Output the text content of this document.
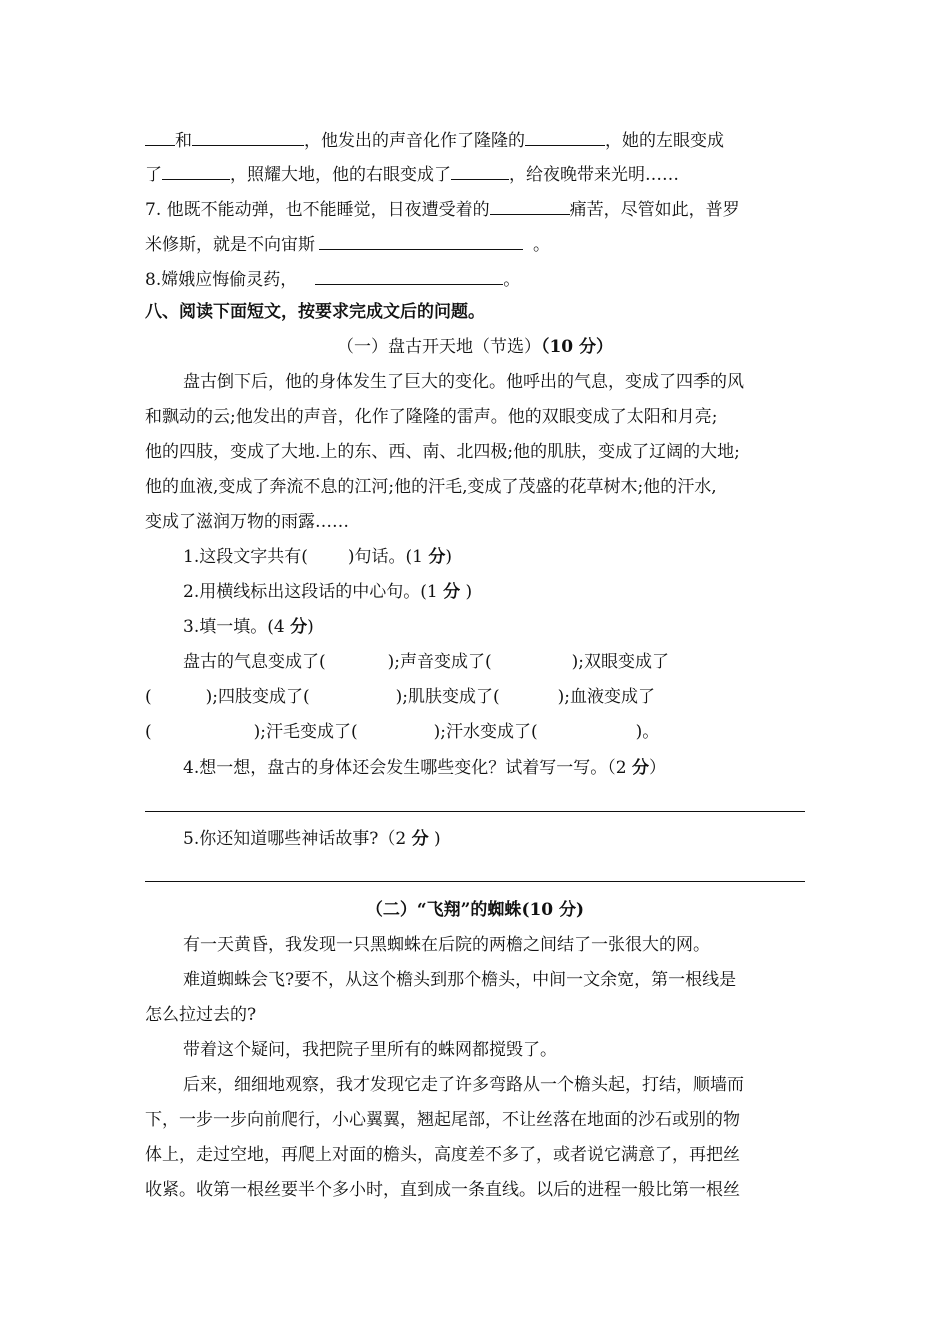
和	，他发出的声音化作了隆隆的	，她的左眼变成
了	，照耀大地，他的右眼变成了	，给夜晚带来光明……
7. 他既不能动弹，也不能睡觉，日夜遭受着的	痛苦，尽管如此，普罗
米修斯，就是不向宙斯	。
8.嫦娥应悔偷灵药，	。
八、阅读下面短文，按要求完成文后的问题。
（一）盘古开天地（节选）（10 分）
盘古倒下后，他的身体发生了巨大的变化。他呼出的气息，变成了四季的风
和飘动的云;他发出的声音，化作了隆隆的雷声。他的双眼变成了太阳和月亮;
他的四肢，变成了大地.上的东、西、南、北四极;他的肌肤，变成了辽阔的大地;
他的血液,变成了奔流不息的江河;他的汗毛,变成了茂盛的花草树木;他的汗水,
变成了滋润万物的雨露……
1.这段文字共有( )句话。(1 分)
2.用横线标出这段话的中心句。(1 分 )
3.填一填。(4 分)
盘古的气息变成了(	);声音变成了(	);双眼变成了
(	);四肢变成了(	);肌肤变成了(	);血液变成了
(	);汗毛变成了(	);汗水变成了(	)。
4.想一想，盘古的身体还会发生哪些变化？试着写一写。（2 分）
5.你还知道哪些神话故事?（2 分 )
（二）“飞翔”的蜘蛛(10 分)
有一天黄昏，我发现一只黑蜘蛛在后院的两檐之间结了一张很大的网。
难道蜘蛛会飞?要不，从这个檐头到那个檐头，中间一文余宽，第一根线是
怎么拉过去的?
带着这个疑问，我把院子里所有的蛛网都搅毁了。
后来，细细地观察，我才发现它走了许多弯路从一个檐头起，打结，顺墙而
下，一步一步向前爬行，小心翼翼，翘起尾部，不让丝落在地面的沙石或别的物
体上，走过空地，再爬上对面的檐头，高度差不多了，或者说它满意了，再把丝
收紧。收第一根丝要半个多小时，直到成一条直线。以后的进程一般比第一根丝
